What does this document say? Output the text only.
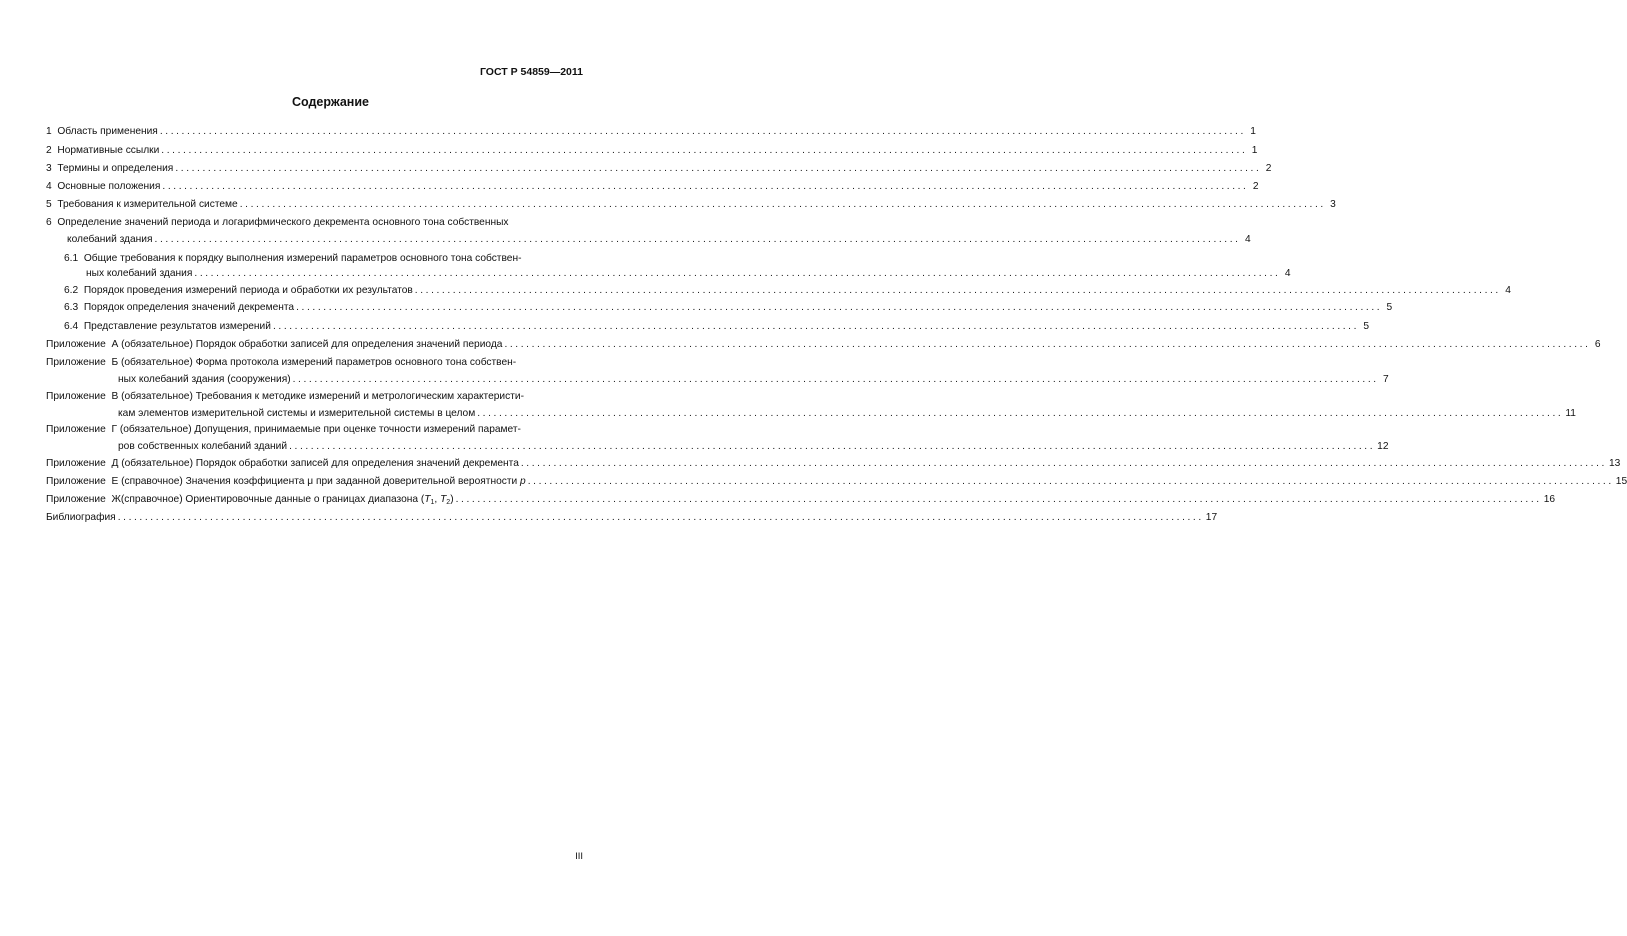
ГОСТ Р 54859—2011
Содержание
1 Область применения ........................................................................................................................................................................................................ 1
2 Нормативные ссылки ........................................................................................................................................................................................................ 1
3 Термины и определения ........................................................................................................................................................................................................ 2
4 Основные положения ........................................................................................................................................................................................................ 2
5 Требования к измерительной системе ........................................................................................................................................................................................................ 3
6 Определение значений периода и логарифмического декремента основного тона собственных
колебаний здания ........................................................................................................................................................................................................ 4
6.1 Общие требования к порядку выполнения измерений параметров основного тона собствен-
ных колебаний здания ........................................................................................................................................................................................................ 4
6.2 Порядок проведения измерений периода и обработки их результатов ........................................................................................................................................................................................................ 4
6.3 Порядок определения значений декремента ........................................................................................................................................................................................................ 5
6.4 Представление результатов измерений ........................................................................................................................................................................................................ 5
Приложение А (обязательное) Порядок обработки записей для определения значений периода ........................................................................................................................................................................................................ 6
Приложение Б (обязательное) Форма протокола измерений параметров основного тона собствен-
ных колебаний здания (сооружения) ........................................................................................................................................................................................................ 7
Приложение В (обязательное) Требования к методике измерений и метрологическим характеристи-
кам элементов измерительной системы и измерительной системы в целом ........................................................................................................................................................................................................ 11
Приложение Г (обязательное) Допущения, принимаемые при оценке точности измерений парамет-
ров собственных колебаний зданий ........................................................................................................................................................................................................ 12
Приложение Д (обязательное) Порядок обработки записей для определения значений декремента ........................................................................................................................................................................................................ 13
Приложение Е (справочное) Значения коэффициента μ при заданной доверительной вероятности p ........................................................................................................................................................................................................ 15
Приложение Ж(справочное) Ориентировочные данные о границах диапазона ($T_1$, $T_2$) ........................................................................................................................................................................................................ 16
Библиография ........................................................................................................................................................................................................ 17
III
